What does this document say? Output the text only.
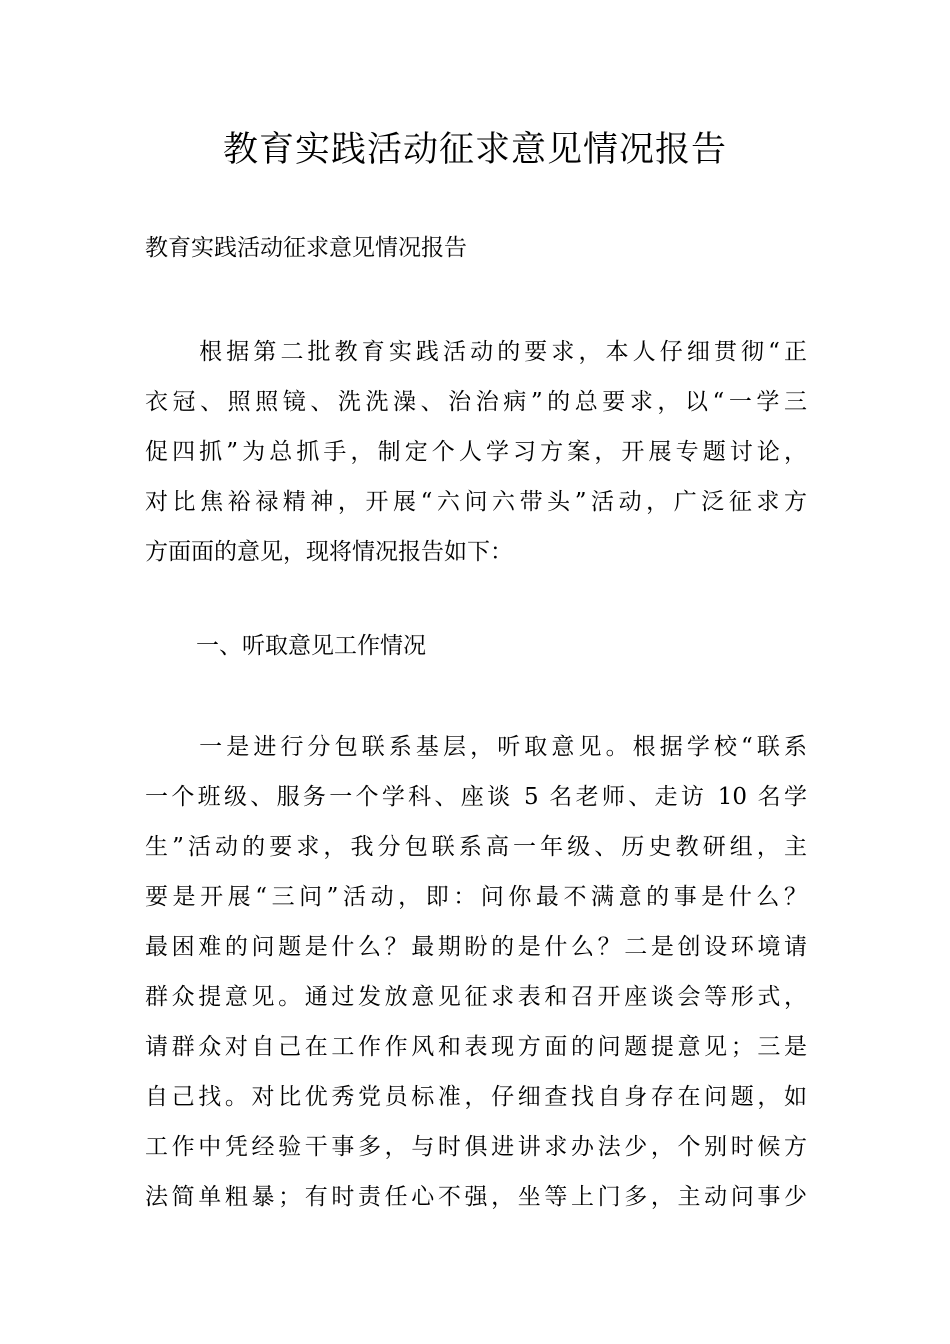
教育实践活动征求意见情况报告

教育实践活动征求意见情况报告

　　根据第二批教育实践活动的要求，本人仔细贯彻“正
衣冠、照照镜、洗洗澡、治治病”的总要求，以“一学三
促四抓”为总抓手，制定个人学习方案，开展专题讨论，
对比焦裕禄精神，开展“六问六带头”活动，广泛征求方
方面面的意见，现将情况报告如下：

一、听取意见工作情况

　　一是进行分包联系基层，听取意见。根据学校“联系
一个班级、服务一个学科、座谈 5 名老师、走访 10 名学
生”活动的要求，我分包联系高一年级、历史教研组，主
要是开展“三问”活动，即：问你最不满意的事是什么？
最困难的问题是什么？最期盼的是什么？二是创设环境请
群众提意见。通过发放意见征求表和召开座谈会等形式，
请群众对自己在工作作风和表现方面的问题提意见；三是
自己找。对比优秀党员标准，仔细查找自身存在问题，如
工作中凭经验干事多，与时俱进讲求办法少，个别时候方
法简单粗暴；有时责任心不强，坐等上门多，主动问事少
